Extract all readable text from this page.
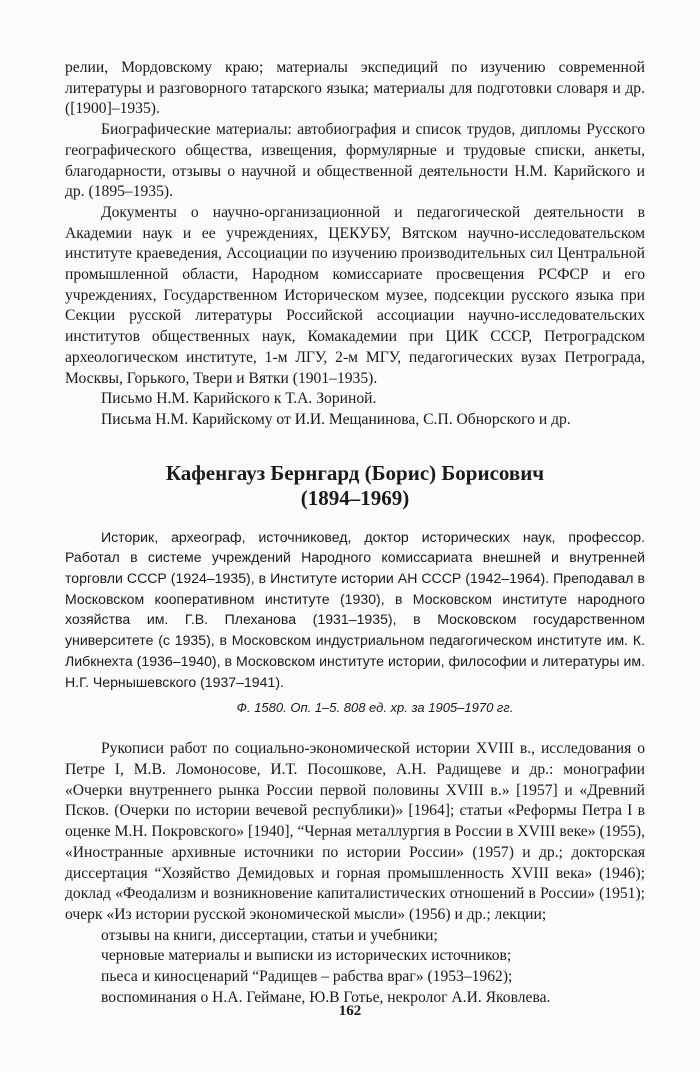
релии, Мордовскому краю; материалы экспедиций по изучению современной литературы и разговорного татарского языка; материалы для подготовки словаря и др. ([1900]–1935).

Биографические материалы: автобиография и список трудов, дипломы Русского географического общества, извещения, формулярные и трудовые списки, анкеты, благодарности, отзывы о научной и общественной деятельности Н.М. Карийского и др. (1895–1935).

Документы о научно-организационной и педагогической деятельности в Академии наук и ее учреждениях, ЦЕКУБУ, Вятском научно-исследовательском институте краеведения, Ассоциации по изучению производительных сил Центральной промышленной области, Народном комиссариате просвещения РСФСР и его учреждениях, Государственном Историческом музее, подсекции русского языка при Секции русской литературы Российской ассоциации научно-исследовательских институтов общественных наук, Комакадемии при ЦИК СССР, Петроградском археологическом институте, 1-м ЛГУ, 2-м МГУ, педагогических вузах Петрограда, Москвы, Горького, Твери и Вятки (1901–1935).

Письмо Н.М. Карийского к Т.А. Зориной.

Письма Н.М. Карийскому от И.И. Мещанинова, С.П. Обнорского и др.

Кафенгауз Бернгард (Борис) Борисович

(1894–1969)

Историк, археограф, источниковед, доктор исторических наук, профессор. Работал в системе учреждений Народного комиссариата внешней и внутренней торговли СССР (1924–1935), в Институте истории АН СССР (1942–1964). Преподавал в Московском кооперативном институте (1930), в Московском институте народного хозяйства им. Г.В. Плеханова (1931–1935), в Московском государственном университете (с 1935), в Московском индустриальном педагогическом институте им. К. Либкнехта (1936–1940), в Московском институте истории, философии и литературы им. Н.Г. Чернышевского (1937–1941).

Ф. 1580. Оп. 1–5. 808 ед. хр. за 1905–1970 гг.

Рукописи работ по социально-экономической истории XVIII в., исследования о Петре I, М.В. Ломоносове, И.Т. Посошкове, А.Н. Радищеве и др.: монографии «Очерки внутреннего рынка России первой половины XVIII в.» [1957] и «Древний Псков. (Очерки по истории вечевой республики)» [1964]; статьи «Реформы Петра I в оценке М.Н. Покровского» [1940], “Черная металлургия в России в XVIII веке» (1955), «Иностранные архивные источники по истории России» (1957) и др.; докторская диссертация “Хозяйство Демидовых и горная промышленность XVIII века» (1946); доклад «Феодализм и возникновение капиталистических отношений в России» (1951); очерк «Из истории русской экономической мысли» (1956) и др.; лекции;

отзывы на книги, диссертации, статьи и учебники;

черновые материалы и выписки из исторических источников;

пьеса и киносценарий “Радищев – рабства враг» (1953–1962);

воспоминания о Н.А. Геймане, Ю.В Готье, некролог А.И. Яковлева.

162
